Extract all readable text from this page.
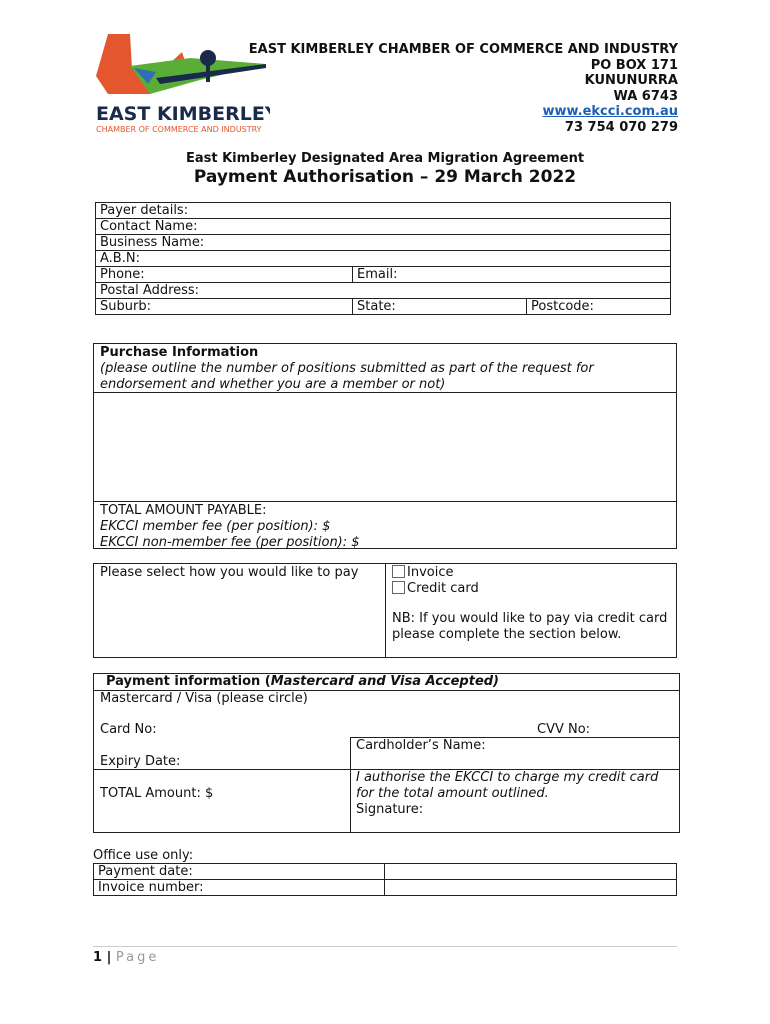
EAST KIMBERLEY
CHAMBER OF COMMERCE AND INDUSTRY
EAST KIMBERLEY CHAMBER OF COMMERCE AND INDUSTRY
PO BOX 171
KUNUNURRA
WA 6743
www.ekcci.com.au
73 754 070 279
East Kimberley Designated Area Migration Agreement
Payment Authorisation – 29 March 2022
Payer details:		
Contact Name:		
Business Name:		
A.B.N:		
Phone:	Email:	
Postal Address:		
Suburb:	State:	Postcode:
Purchase Information
(please outline the number of positions submitted as part of the request for endorsement and whether you are a member or not)
TOTAL AMOUNT PAYABLE:
EKCCI member fee (per position): $
EKCCI non-member fee (per position): $
Please select how you would like to pay	Invoice
Credit card
NB: If you would like to pay via credit card please complete the section below.
Payment information (Mastercard and Visa Accepted)
Mastercard / Visa (please circle)
Card No:	CVV No:
Cardholder’s Name:
Expiry Date:
I authorise the EKCCI to charge my credit card for the total amount outlined.
TOTAL Amount: $
Signature:
Office use only:
Payment date:	
Invoice number:	
1 | Page
